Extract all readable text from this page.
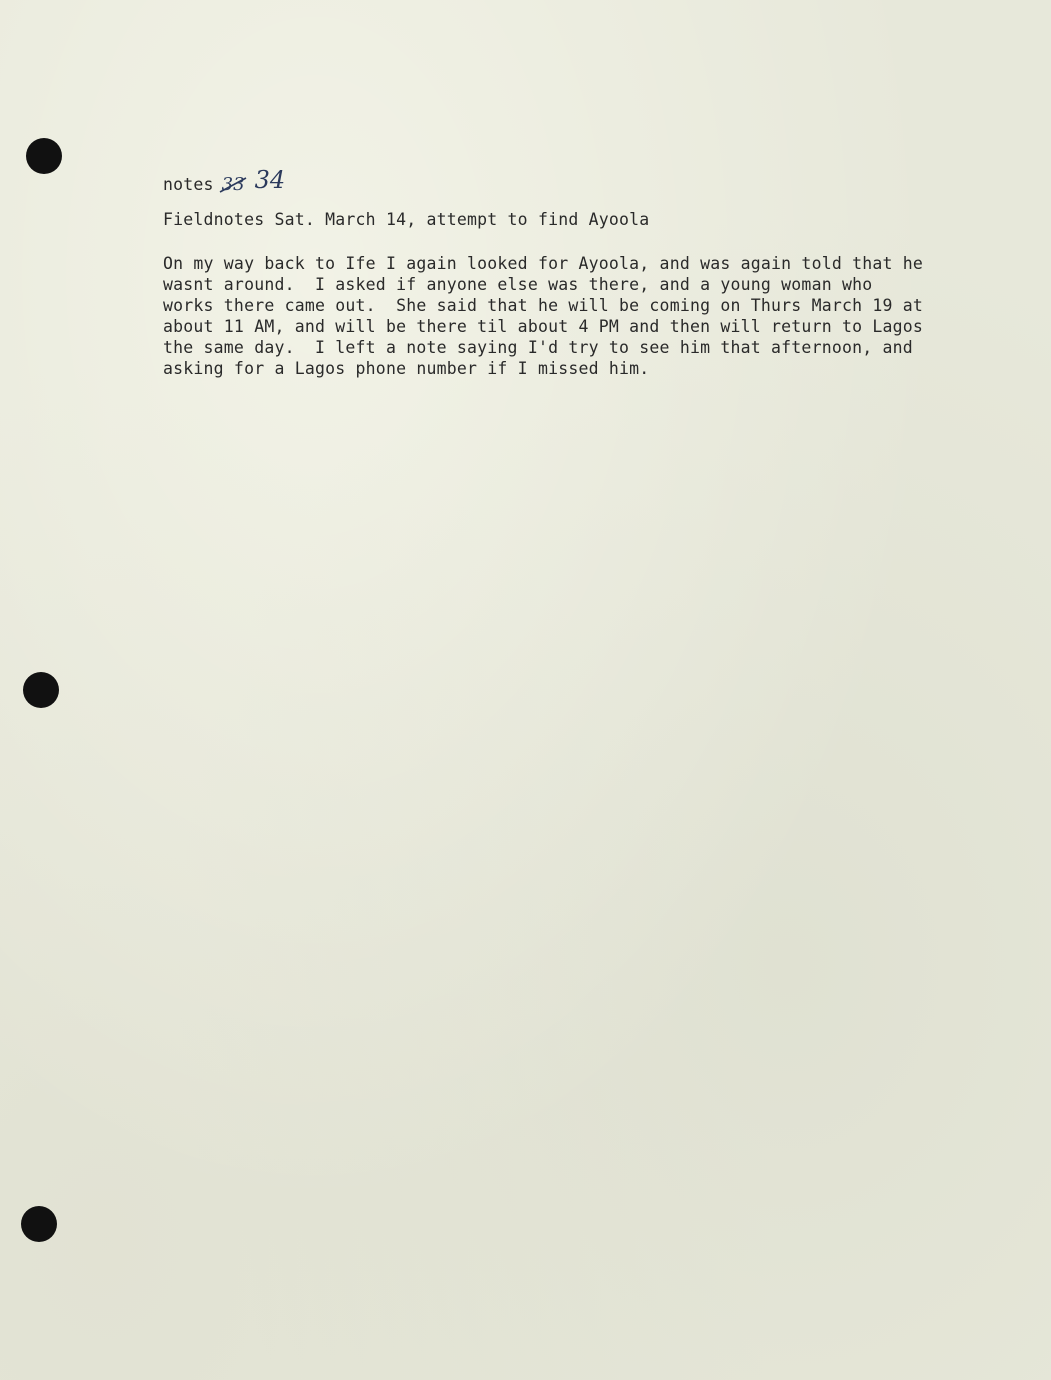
notes 33 34
Fieldnotes Sat. March 14, attempt to find Ayoola
On my way back to Ife I again looked for Ayoola, and was again told that he
wasnt around.  I asked if anyone else was there, and a young woman who
works there came out.  She said that he will be coming on Thurs March 19 at
about 11 AM, and will be there til about 4 PM and then will return to Lagos
the same day.  I left a note saying I'd try to see him that afternoon, and
asking for a Lagos phone number if I missed him.
